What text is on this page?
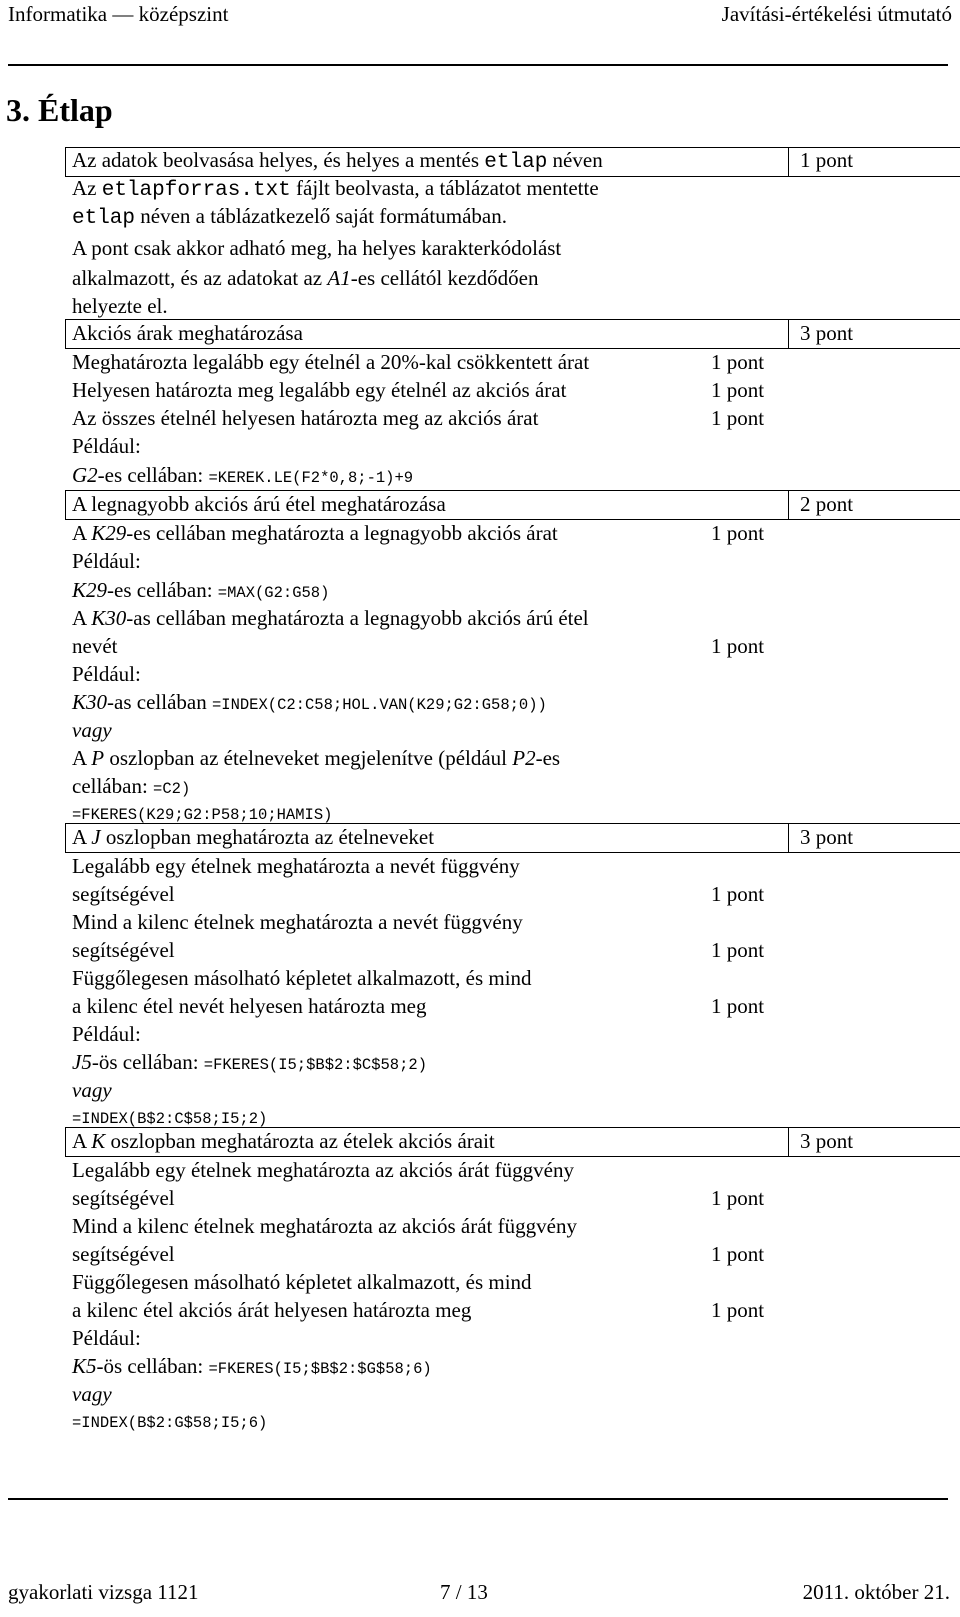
Informatika — középszint	Javítási-értékelési útmutató
3. Étlap
Az adatok beolvasása helyes, és helyes a mentés etlap néven	1 pont
Az etlapforras.txt fájlt beolvasta, a táblázatot mentette
etlap néven a táblázatkezelő saját formátumában.
A pont csak akkor adható meg, ha helyes karakterkódolást
alkalmazott, és az adatokat az A1-es cellától kezdődően
helyezte el.
Akciós árak meghatározása	3 pont
Meghatározta legalább egy ételnél a 20%-kal csökkentett árat	1 pont
Helyesen határozta meg legalább egy ételnél az akciós árat	1 pont
Az összes ételnél helyesen határozta meg az akciós árat	1 pont
Például:
G2-es cellában: =KEREK.LE(F2*0,8;-1)+9
A legnagyobb akciós árú étel meghatározása	2 pont
A K29-es cellában meghatározta a legnagyobb akciós árat	1 pont
Például:
K29-es cellában: =MAX(G2:G58)
A K30-as cellában meghatározta a legnagyobb akciós árú étel
nevét	1 pont
Például:
K30-as cellában =INDEX(C2:C58;HOL.VAN(K29;G2:G58;0))
vagy
A P oszlopban az ételneveket megjelenítve (például P2-es
cellában: =C2)
=FKERES(K29;G2:P58;10;HAMIS)
A J oszlopban meghatározta az ételneveket	3 pont
Legalább egy ételnek meghatározta a nevét függvény
segítségével	1 pont
Mind a kilenc ételnek meghatározta a nevét függvény
segítségével	1 pont
Függőlegesen másolható képletet alkalmazott, és mind
a kilenc étel nevét helyesen határozta meg	1 pont
Például:
J5-ös cellában: =FKERES(I5;$B$2:$C$58;2)
vagy
=INDEX(B$2:C$58;I5;2)
A K oszlopban meghatározta az ételek akciós árait	3 pont
Legalább egy ételnek meghatározta az akciós árát függvény
segítségével	1 pont
Mind a kilenc ételnek meghatározta az akciós árát függvény
segítségével	1 pont
Függőlegesen másolható képletet alkalmazott, és mind
a kilenc étel akciós árát helyesen határozta meg	1 pont
Például:
K5-ös cellában: =FKERES(I5;$B$2:$G$58;6)
vagy
=INDEX(B$2:G$58;I5;6)
gyakorlati vizsga 1121	7 / 13	2011. október 21.
